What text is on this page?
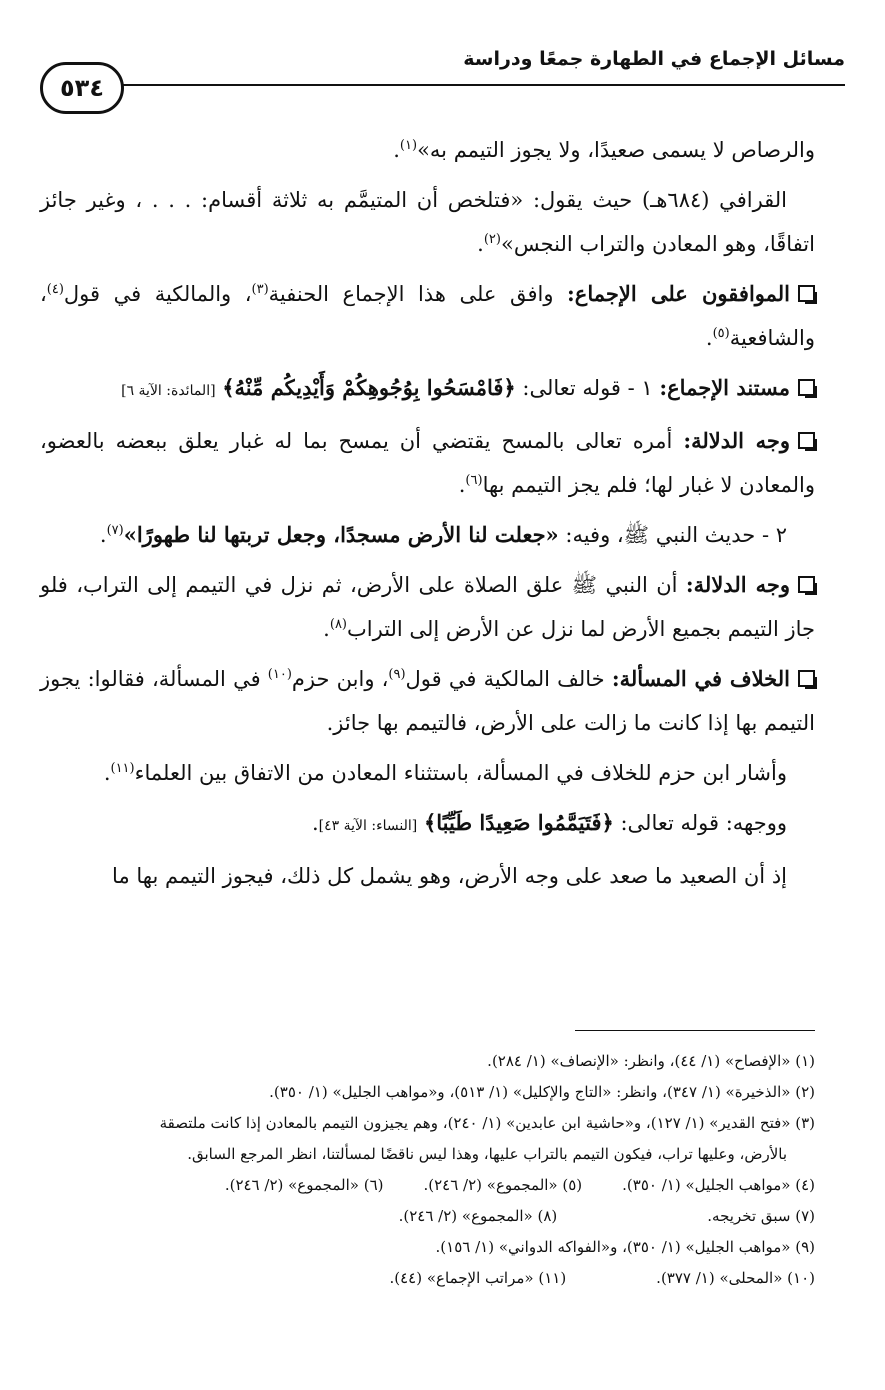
مسائل الإجماع في الطهارة جمعًا ودراسة
٥٣٤

والرصاص لا يسمى صعيدًا، ولا يجوز التيمم به»$^{(١)}$.

القرافي (٦٨٤هـ) حيث يقول: «فتلخص أن المتيمَّم به ثلاثة أقسام: . . . ، وغير جائز اتفاقًا، وهو المعادن والتراب النجس»$^{(٢)}$.

الموافقون على الإجماع: وافق على هذا الإجماع الحنفية$^{(٣)}$، والمالكية في قول$^{(٤)}$، والشافعية$^{(٥)}$.

مستند الإجماع: ١ - قوله تعالى: ﴿فَامْسَحُوا بِوُجُوهِكُمْ وَأَيْدِيكُم مِّنْهُ﴾ [المائدة: الآية ٦]

وجه الدلالة: أمره تعالى بالمسح يقتضي أن يمسح بما له غبار يعلق ببعضه بالعضو، والمعادن لا غبار لها؛ فلم يجز التيمم بها$^{(٦)}$.

٢ - حديث النبي ﷺ، وفيه: «جعلت لنا الأرض مسجدًا، وجعل تربتها لنا طهورًا»$^{(٧)}$.

وجه الدلالة: أن النبي ﷺ علق الصلاة على الأرض، ثم نزل في التيمم إلى التراب، فلو جاز التيمم بجميع الأرض لما نزل عن الأرض إلى التراب$^{(٨)}$.

الخلاف في المسألة: خالف المالكية في قول$^{(٩)}$، وابن حزم$^{(١٠)}$ في المسألة، فقالوا: يجوز التيمم بها إذا كانت ما زالت على الأرض، فالتيمم بها جائز.

وأشار ابن حزم للخلاف في المسألة، باستثناء المعادن من الاتفاق بين العلماء$^{(١١)}$.

ووجهه: قوله تعالى: ﴿فَتَيَمَّمُوا صَعِيدًا طَيِّبًا﴾ [النساء: الآية ٤٣].

إذ أن الصعيد ما صعد على وجه الأرض، وهو يشمل كل ذلك، فيجوز التيمم بها ما

(١) «الإفصاح» (١/ ٤٤)، وانظر: «الإنصاف» (١/ ٢٨٤).

(٢) «الذخيرة» (١/ ٣٤٧)، وانظر: «التاج والإكليل» (١/ ٥١٣)، و«مواهب الجليل» (١/ ٣٥٠).

(٣) «فتح القدير» (١/ ١٢٧)، و«حاشية ابن عابدين» (١/ ٢٤٠)، وهم يجيزون التيمم بالمعادن إذا كانت ملتصقة

بالأرض، وعليها تراب، فيكون التيمم بالتراب عليها، وهذا ليس ناقضًا لمسألتنا، انظر المرجع السابق.

(٤) «مواهب الجليل» (١/ ٣٥٠).
(٥) «المجموع» (٢/ ٢٤٦).
(٦) «المجموع» (٢/ ٢٤٦).
(٧) سبق تخريجه.
(٨) «المجموع» (٢/ ٢٤٦).

(٩) «مواهب الجليل» (١/ ٣٥٠)، و«الفواكه الدواني» (١/ ١٥٦).

(١٠) «المحلى» (١/ ٣٧٧).
(١١) «مراتب الإجماع» (٤٤).
